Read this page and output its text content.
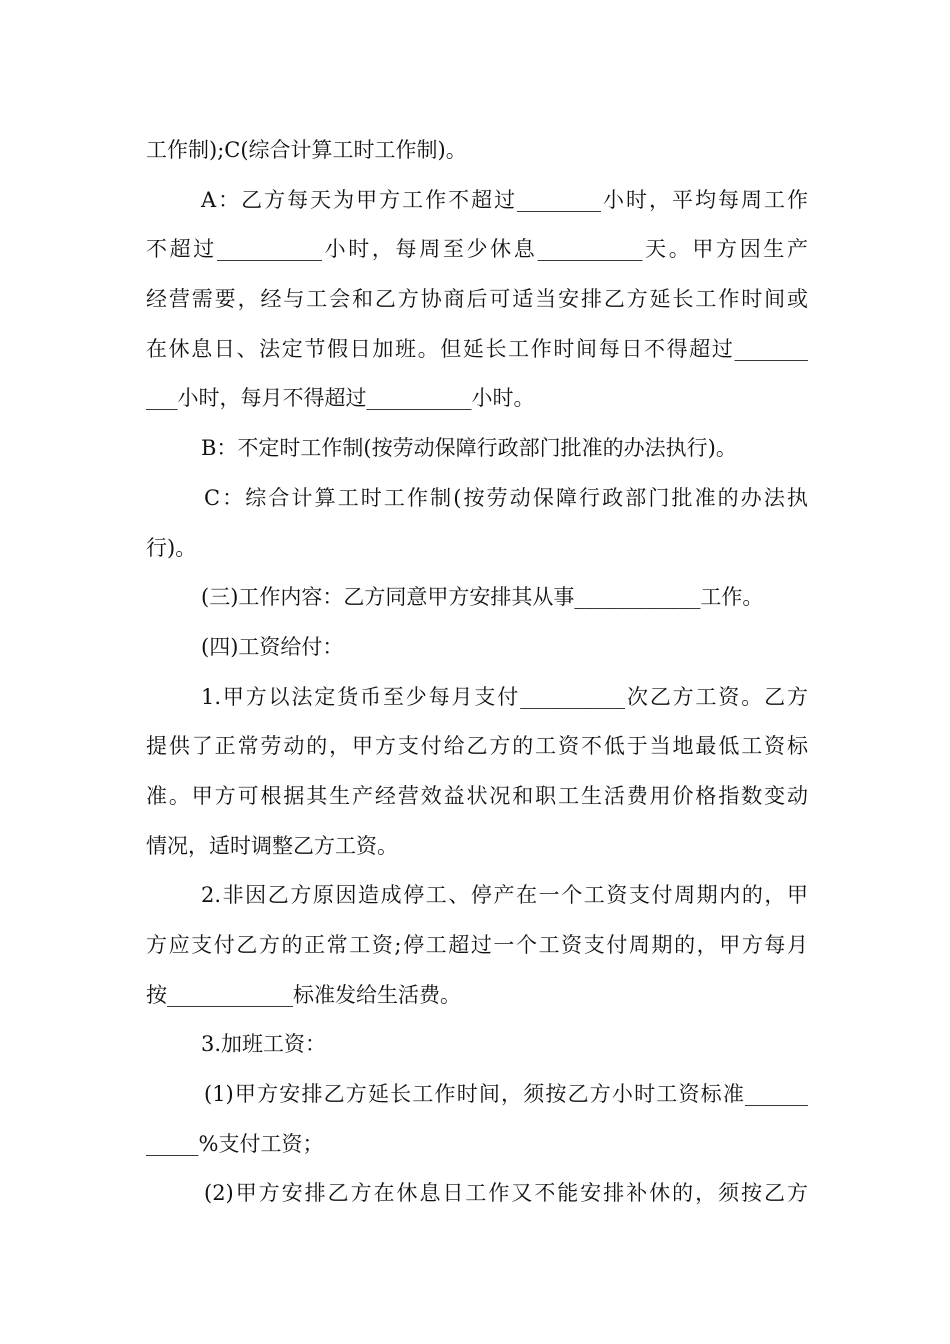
工作制);C(综合计算工时工作制)。
A：乙方每天为甲方工作不超过________小时，平均每周工作
不超过__________小时，每周至少休息__________天。甲方因生产
经营需要，经与工会和乙方协商后可适当安排乙方延长工作时间或
在休息日、法定节假日加班。但延长工作时间每日不得超过_______
___小时，每月不得超过__________小时。
B：不定时工作制(按劳动保障行政部门批准的办法执行)。
C：综合计算工时工作制(按劳动保障行政部门批准的办法执
行)。
(三)工作内容：乙方同意甲方安排其从事____________工作。
(四)工资给付：
1.甲方以法定货币至少每月支付__________次乙方工资。乙方
提供了正常劳动的，甲方支付给乙方的工资不低于当地最低工资标
准。甲方可根据其生产经营效益状况和职工生活费用价格指数变动
情况，适时调整乙方工资。
2.非因乙方原因造成停工、停产在一个工资支付周期内的，甲
方应支付乙方的正常工资;停工超过一个工资支付周期的，甲方每月
按____________标准发给生活费。
3.加班工资：
(1)甲方安排乙方延长工作时间，须按乙方小时工资标准______
_____%支付工资；
(2)甲方安排乙方在休息日工作又不能安排补休的，须按乙方
